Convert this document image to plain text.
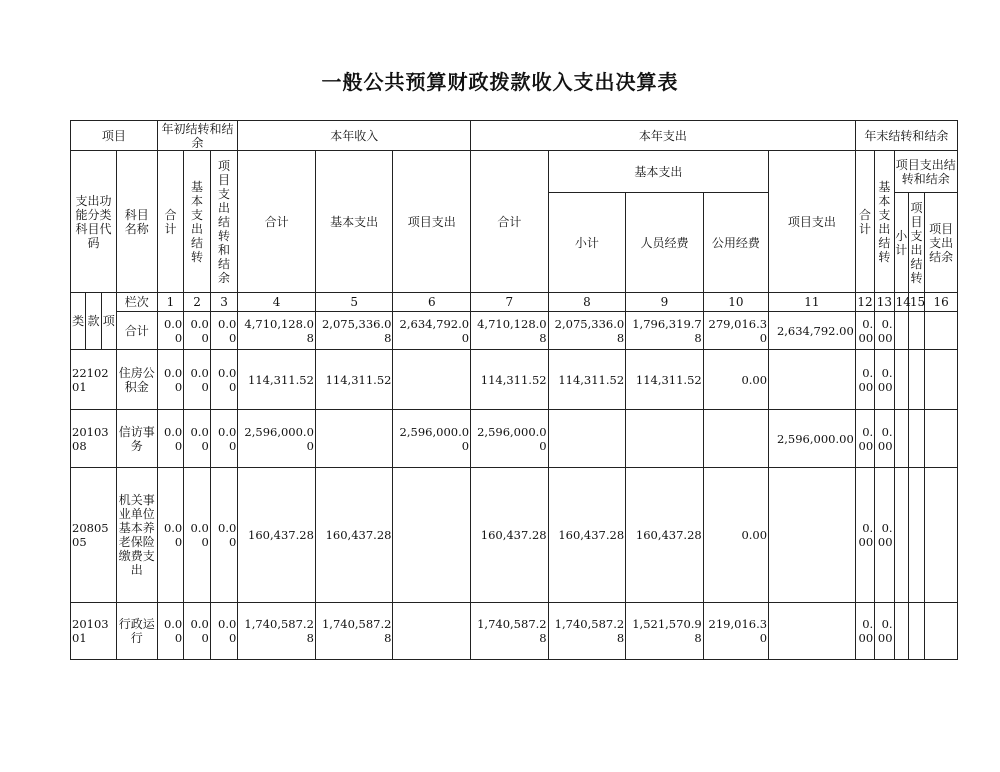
一般公共预算财政拨款收入支出决算表
项目				年初结转和结余			本年收入			本年支出					年末结转和结余				
支出功能分类科目代码			科目名称	合计	基本支出结转	项目支出结转和结余	合计	基本支出	项目支出	合计	基本支出			项目支出	合计	基本支出结转	项目支出结转和结余		
											小计	人员经费	公用经费				小计	项目支出结转	项目支出结余
类	款	项	栏次	1	2	3	4	5	6	7	8	9	10	11	12	13	14	15	16
			合计	0.00	0.00	0.00	4,710,128.08	2,075,336.08	2,634,792.00	4,710,128.08	2,075,336.08	1,796,319.78	279,016.30	2,634,792.00	0.00	0.00			
2210201			住房公积金	0.00	0.00	0.00	114,311.52	114,311.52		114,311.52	114,311.52	114,311.52	0.00		0.00	0.00			
2010308			信访事务	0.00	0.00	0.00	2,596,000.00		2,596,000.00	2,596,000.00				2,596,000.00	0.00	0.00			
2080505			机关事业单位基本养老保险缴费支出	0.00	0.00	0.00	160,437.28	160,437.28		160,437.28	160,437.28	160,437.28	0.00		0.00	0.00			
2010301			行政运行	0.00	0.00	0.00	1,740,587.28	1,740,587.28		1,740,587.28	1,740,587.28	1,521,570.98	219,016.30		0.00	0.00			
